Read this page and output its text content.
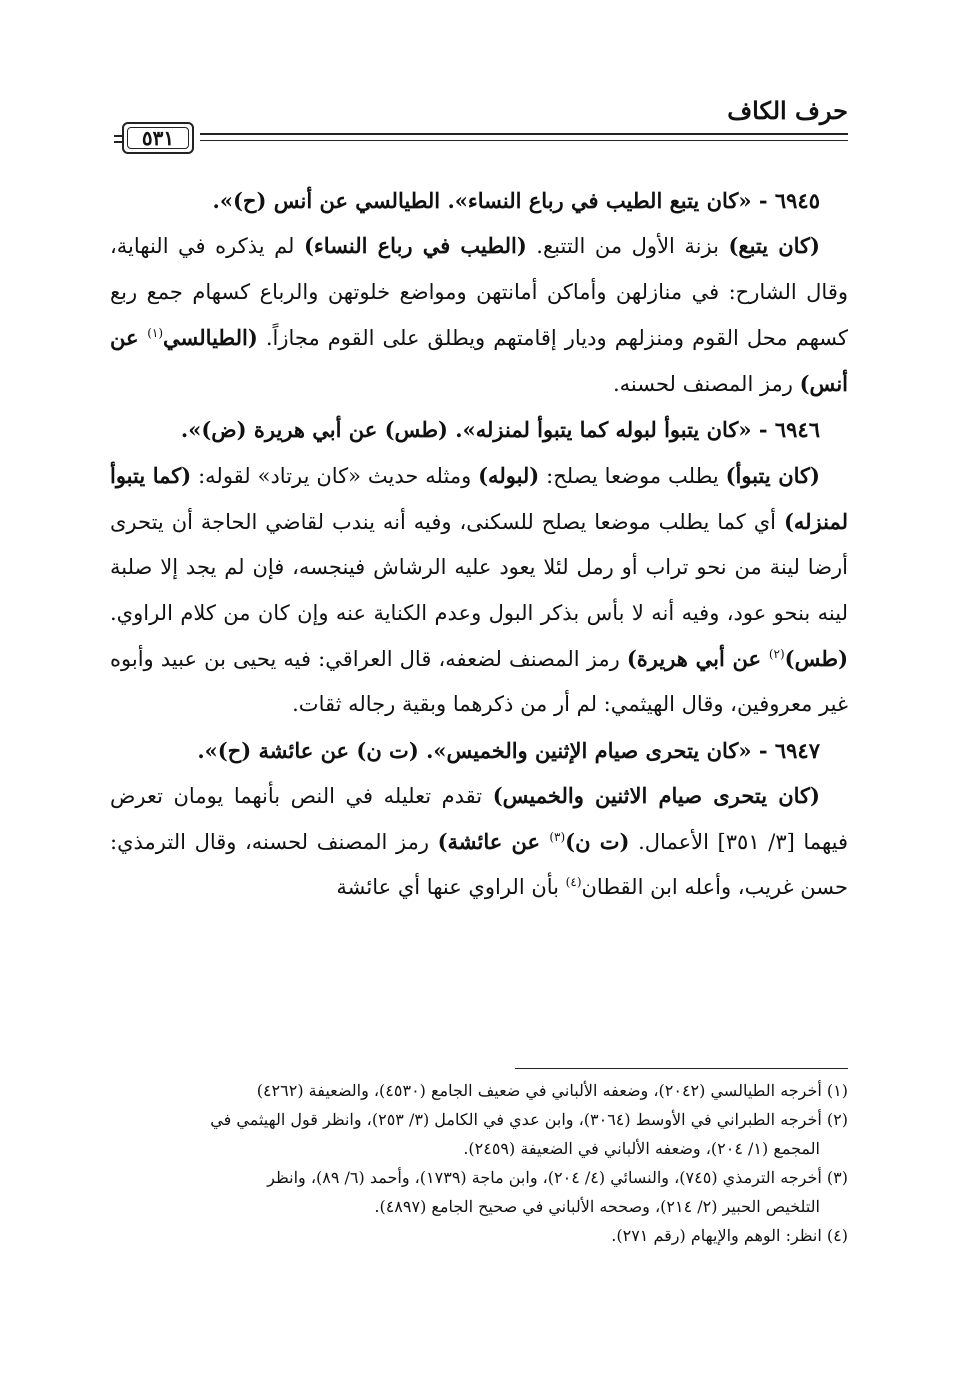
حرف الكاف
٥٣١

٦٩٤٥ - «كان يتبع الطيب في رباع النساء». الطيالسي عن أنس (ح)».

(كان يتبع) بزنة الأول من التتبع. (الطيب في رباع النساء) لم يذكره في النهاية، وقال الشارح: في منازلهن وأماكن أمانتهن ومواضع خلوتهن والرباع كسهام جمع ربع كسهم محل القوم ومنزلهم وديار إقامتهم ويطلق على القوم مجازاً. (الطيالسي$^{(١)}$ عن أنس) رمز المصنف لحسنه.

٦٩٤٦ - «كان يتبوأ لبوله كما يتبوأ لمنزله». (طس) عن أبي هريرة (ض)».

(كان يتبوأ) يطلب موضعا يصلح: (لبوله) ومثله حديث «كان يرتاد» لقوله: (كما يتبوأ لمنزله) أي كما يطلب موضعا يصلح للسكنى، وفيه أنه يندب لقاضي الحاجة أن يتحرى أرضا لينة من نحو تراب أو رمل لئلا يعود عليه الرشاش فينجسه، فإن لم يجد إلا صلبة لينه بنحو عود، وفيه أنه لا بأس بذكر البول وعدم الكناية عنه وإن كان من كلام الراوي. (طس)$^{(٢)}$ عن أبي هريرة) رمز المصنف لضعفه، قال العراقي: فيه يحيى بن عبيد وأبوه غير معروفين، وقال الهيثمي: لم أر من ذكرهما وبقية رجاله ثقات.

٦٩٤٧ - «كان يتحرى صيام الإثنين والخميس». (ت ن) عن عائشة (ح)».

(كان يتحرى صيام الاثنين والخميس) تقدم تعليله في النص بأنهما يومان تعرض فيهما [٣/ ٣٥١] الأعمال. (ت ن)$^{(٣)}$ عن عائشة) رمز المصنف لحسنه، وقال الترمذي: حسن غريب، وأعله ابن القطان$^{(٤)}$ بأن الراوي عنها أي عائشة

(١) أخرجه الطيالسي (٢٠٤٢)، وضعفه الألباني في ضعيف الجامع (٤٥٣٠)، والضعيفة (٤٢٦٢)

(٢) أخرجه الطبراني في الأوسط (٣٠٦٤)، وابن عدي في الكامل (٣/ ٢٥٣)، وانظر قول الهيثمي في

المجمع (١/ ٢٠٤)، وضعفه الألباني في الضعيفة (٢٤٥٩).

(٣) أخرجه الترمذي (٧٤٥)، والنسائي (٤/ ٢٠٤)، وابن ماجة (١٧٣٩)، وأحمد (٦/ ٨٩)، وانظر

التلخيص الحبير (٢/ ٢١٤)، وصححه الألباني في صحيح الجامع (٤٨٩٧).

(٤) انظر: الوهم والإيهام (رقم ٢٧١).
